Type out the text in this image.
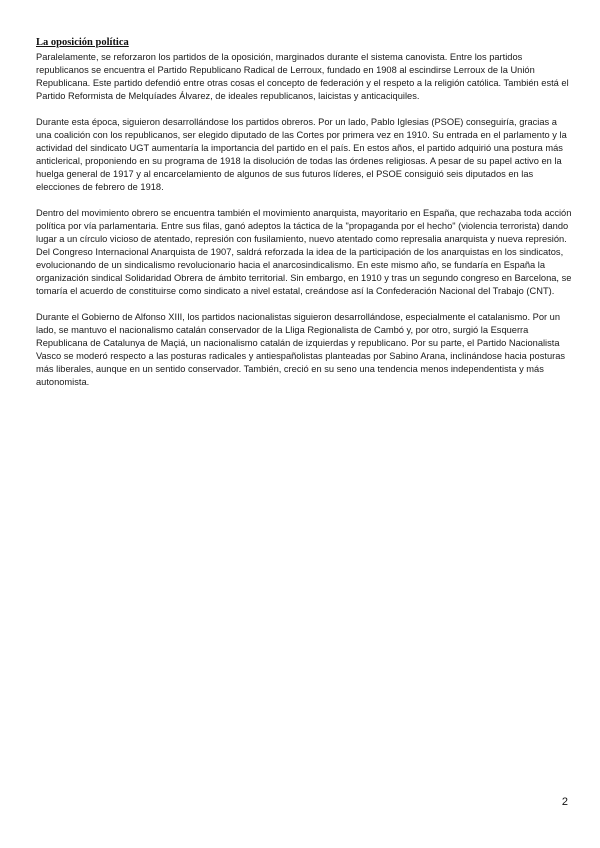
La oposición política

Paralelamente, se reforzaron los partidos de la oposición, marginados durante el sistema canovista. Entre los partidos republicanos se encuentra el Partido Republicano Radical de Lerroux, fundado en 1908 al escindirse Lerroux de la Unión Republicana. Este partido defendió entre otras cosas el concepto de federación y el respeto a la religión católica. También está el Partido Reformista de Melquíades Álvarez, de ideales republicanos, laicistas y anticaciquiles.

Durante esta época, siguieron desarrollándose los partidos obreros. Por un lado, Pablo Iglesias (PSOE) conseguiría, gracias a una coalición con los republicanos, ser elegido diputado de las Cortes por primera vez en 1910. Su entrada en el parlamento y la actividad del sindicato UGT aumentaría la importancia del partido en el país. En estos años, el partido adquirió una postura más anticlerical, proponiendo en su programa de 1918 la disolución de todas las órdenes religiosas. A pesar de su papel activo en la huelga general de 1917 y al encarcelamiento de algunos de sus futuros líderes, el PSOE consiguió seis diputados en las elecciones de febrero de 1918.

Dentro del movimiento obrero se encuentra también el movimiento anarquista, mayoritario en España, que rechazaba toda acción política por vía parlamentaria. Entre sus filas, ganó adeptos la táctica de la "propaganda por el hecho" (violencia terrorista) dando lugar a un círculo vicioso de atentado, represión con fusilamiento, nuevo atentado como represalia anarquista y nueva represión. Del Congreso Internacional Anarquista de 1907, saldrá reforzada la idea de la participación de los anarquistas en los sindicatos, evolucionando de un sindicalismo revolucionario hacia el anarcosindicalismo. En este mismo año, se fundaría en España la organización sindical Solidaridad Obrera de ámbito territorial. Sin embargo, en 1910 y tras un segundo congreso en Barcelona, se tomaría el acuerdo de constituirse como sindicato a nivel estatal, creándose así la Confederación Nacional del Trabajo (CNT).

Durante el Gobierno de Alfonso XIII, los partidos nacionalistas siguieron desarrollándose, especialmente el catalanismo. Por un lado, se mantuvo el nacionalismo catalán conservador de la Lliga Regionalista de Cambó y, por otro, surgió la Esquerra Republicana de Catalunya de Maçiá, un nacionalismo catalán de izquierdas y republicano. Por su parte, el Partido Nacionalista Vasco se moderó respecto a las posturas radicales y antiespañolistas planteadas por Sabino Arana, inclinándose hacia posturas más liberales, aunque en un sentido conservador. También, creció en su seno una tendencia menos independentista y más autonomista.

2
